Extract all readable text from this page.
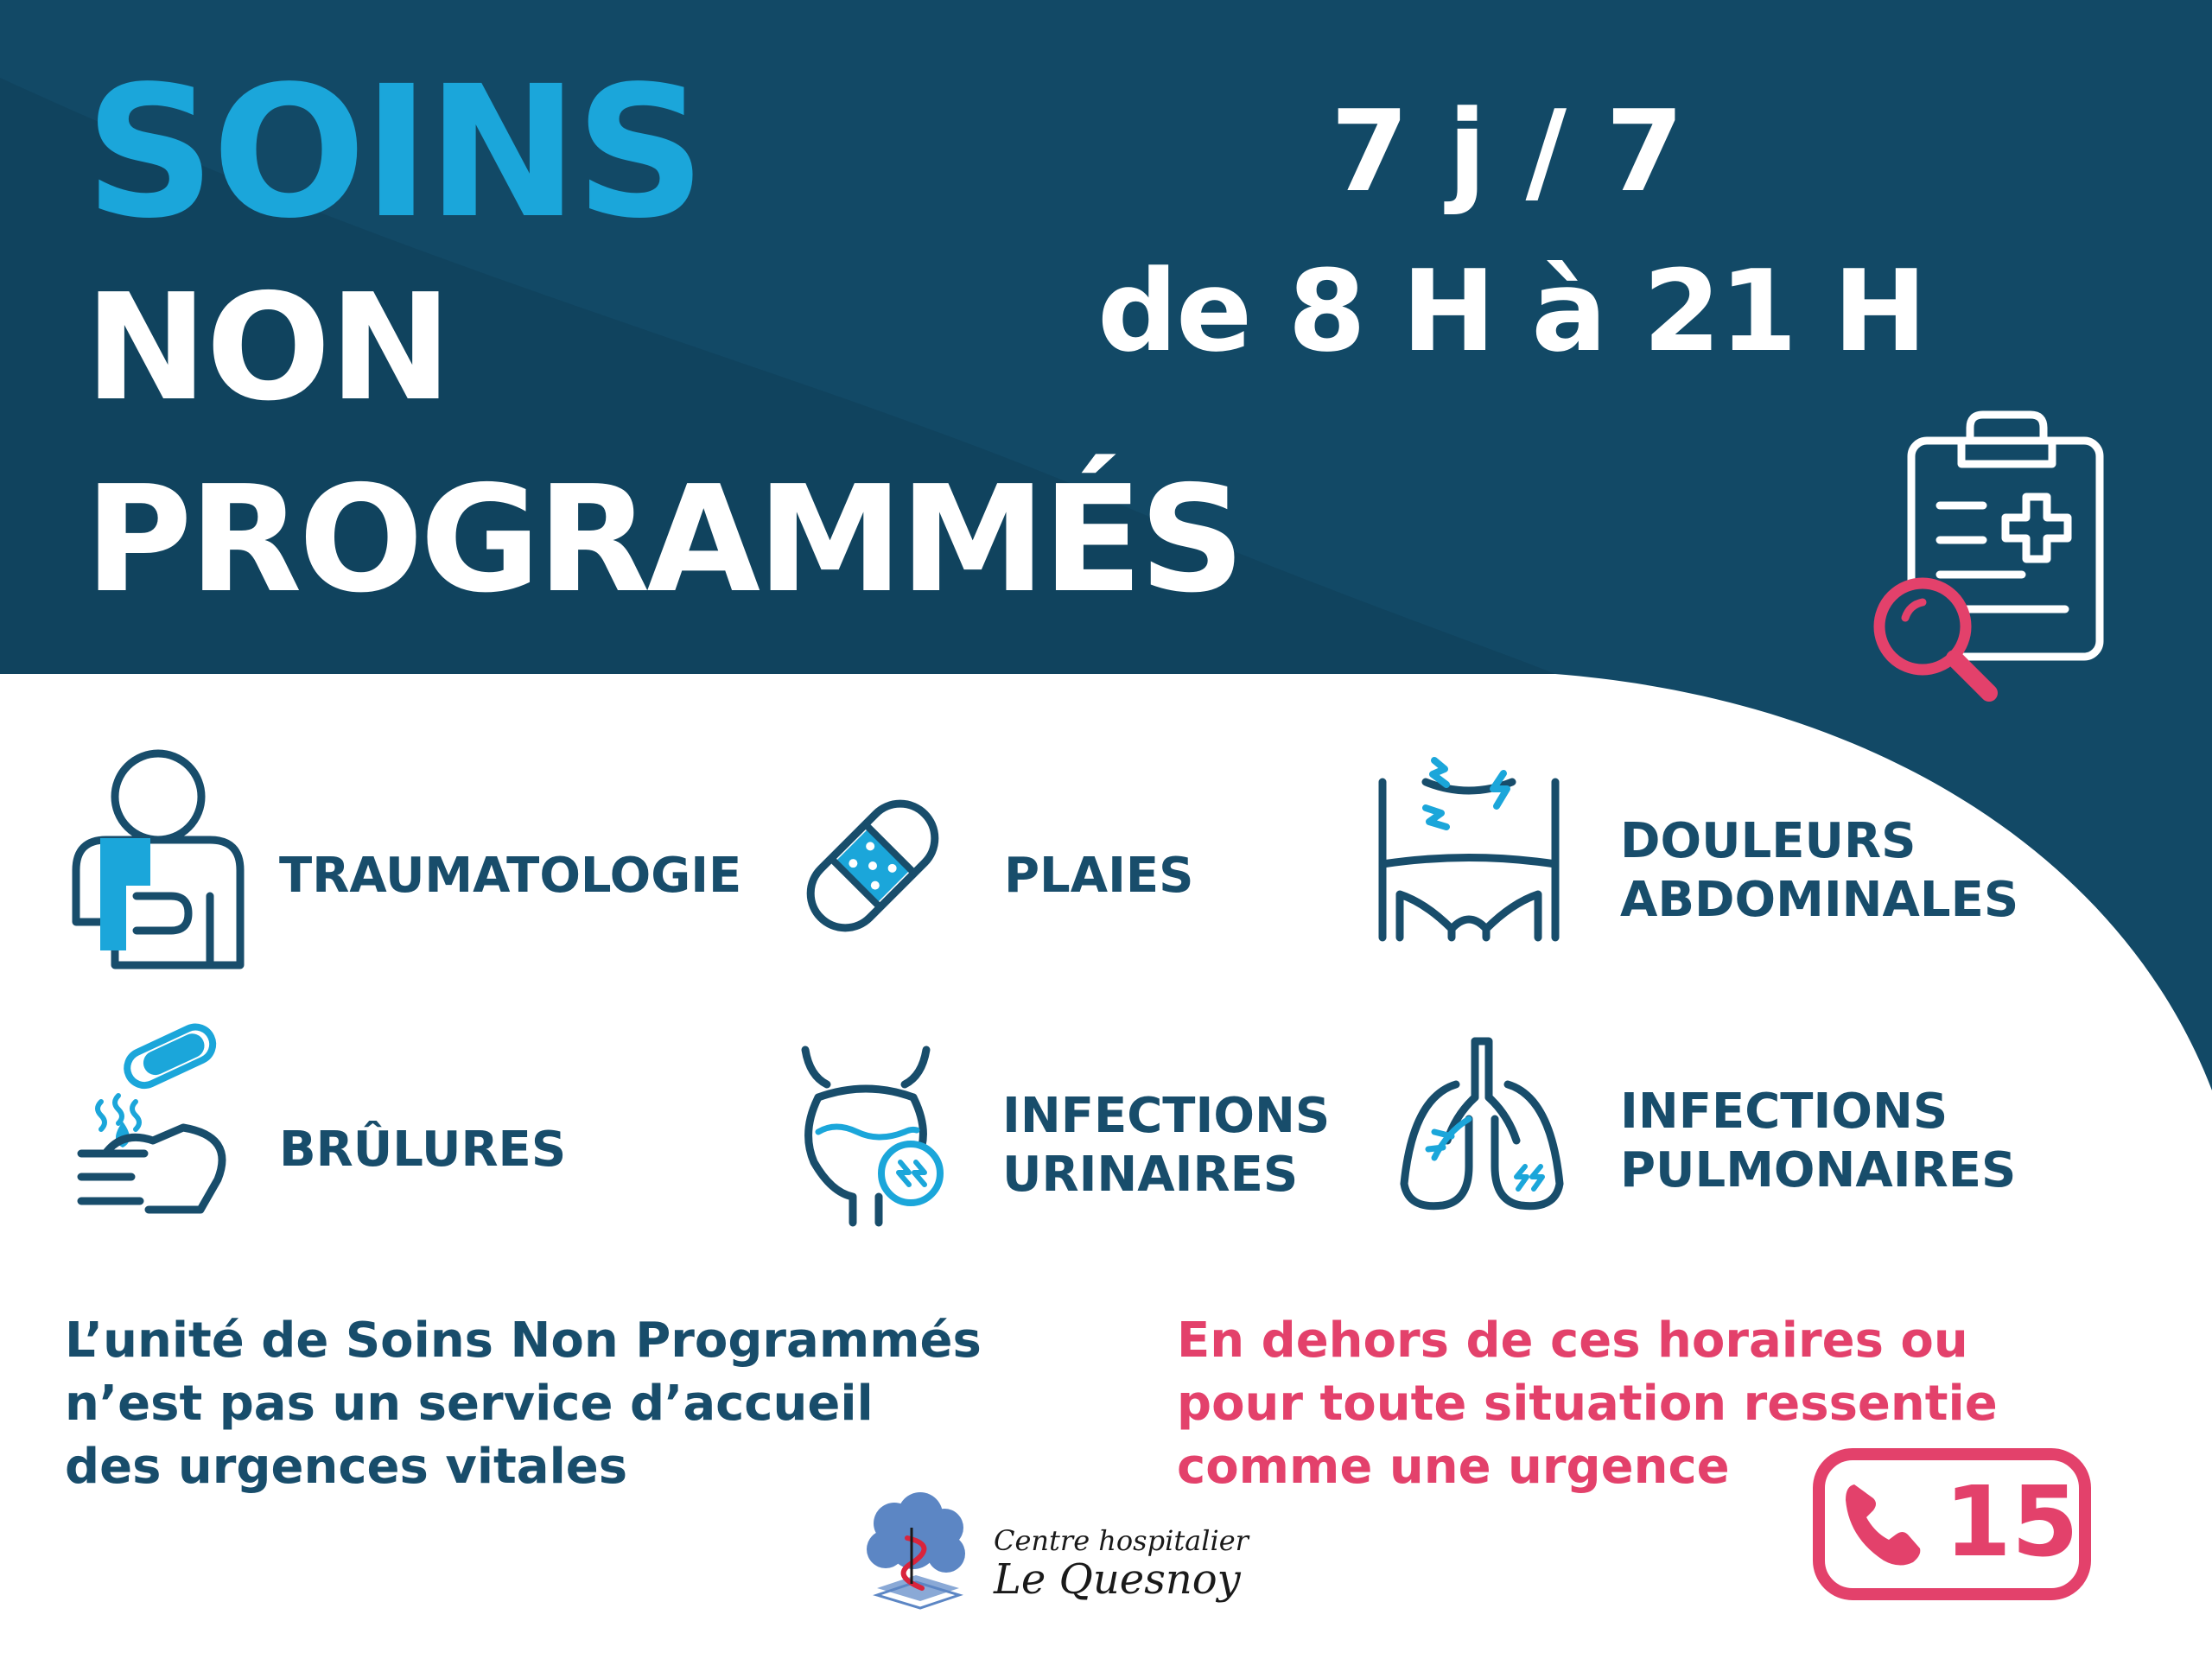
SOINS
NON
PROGRAMMÉS
7 j / 7
de 8 H à 21 H
TRAUMATOLOGIE	PLAIES
DOULEURS
ABDOMINALES
BRÛLURES
INFECTIONS
URINAIRES
INFECTIONS
PULMONAIRES
L’unité de Soins Non Programmés
n’est pas un service d’accueil
des urgences vitales
En dehors de ces horaires ou
pour toute situation ressentie
comme une urgence	15
Centre hospitalier
Le Quesnoy
